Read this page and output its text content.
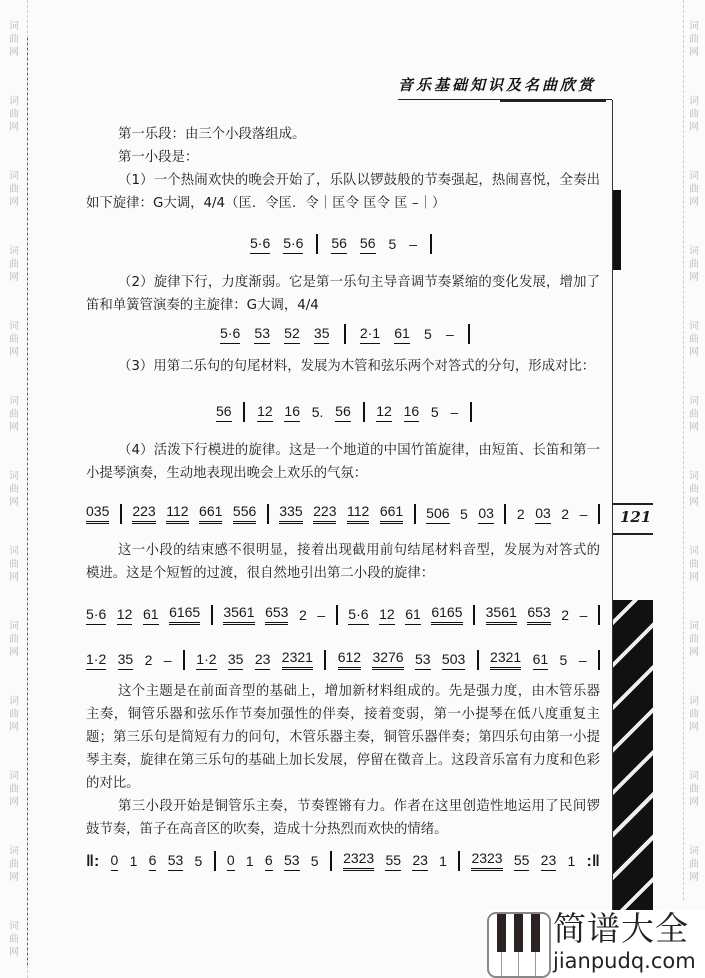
词
曲
网
词
曲
网
词
曲
网
词
曲
网
词
曲
网
词
曲
网
词
曲
网
词
曲
网
词
曲
网
词
曲
网
词
曲
网
词
曲
网
词
曲
网
词
曲
网
词
曲
网
词
曲
网
词
曲
网
词
曲
网
词
曲
网
词
曲
网
词
曲
网
词
曲
网
词
曲
网
词
曲
网
词
曲
网
音乐基础知识及名曲欣赏
第一乐段：由三个小段落组成。
第一小段是：
（1）一个热闹欢快的晚会开始了，乐队以锣鼓般的节奏强起，热闹喜悦，全奏出如下旋律：G大调，4/4（匡．令匡．令｜匡令 匡令 匡 –｜）
5·6 5·6 56 56 5 –
（2）旋律下行，力度渐弱。它是第一乐句主导音调节奏紧缩的变化发展，增加了笛和单簧管演奏的主旋律：G大调，4/4
5·6 53 52 35 2·1 61 5 –
（3）用第二乐句的句尾材料，发展为木管和弦乐两个对答式的分句，形成对比：
56 12 16 5. 56 12 16 5 –
（4）活泼下行模进的旋律。这是一个地道的中国竹笛旋律，由短笛、长笛和第一小提琴演奏，生动地表现出晚会上欢乐的气氛：
035 223 112 661 556 335 223 112 661 506 5 03 2 03 2 –
这一小段的结束感不很明显，接着出现截用前句结尾材料音型，发展为对答式的模进。这是个短暂的过渡，很自然地引出第二小段的旋律：
5·6 12 61 6165 3561 653 2 – 5·6 12 61 6165 3561 653 2 –
1·2 35 2 – 1·2 35 23 2321 612 3276 53 503 2321 61 5 –
这个主题是在前面音型的基础上，增加新材料组成的。先是强力度，由木管乐器主奏，铜管乐器和弦乐作节奏加强性的伴奏，接着变弱，第一小提琴在低八度重复主题；第三乐句是简短有力的问句，木管乐器主奏，铜管乐器伴奏；第四乐句由第一小提琴主奏，旋律在第三乐句的基础上加长发展，停留在徵音上。这段音乐富有力度和色彩的对比。
第三小段开始是铜管乐主奏，节奏铿锵有力。作者在这里创造性地运用了民间锣鼓节奏，笛子在高音区的吹奏，造成十分热烈而欢快的情绪。
‖: 0 1 6 53 5 0 1 6 53 5 2323 55 23 1 2323 55 23 1 :‖
121
简谱大全
jianpudq.com
